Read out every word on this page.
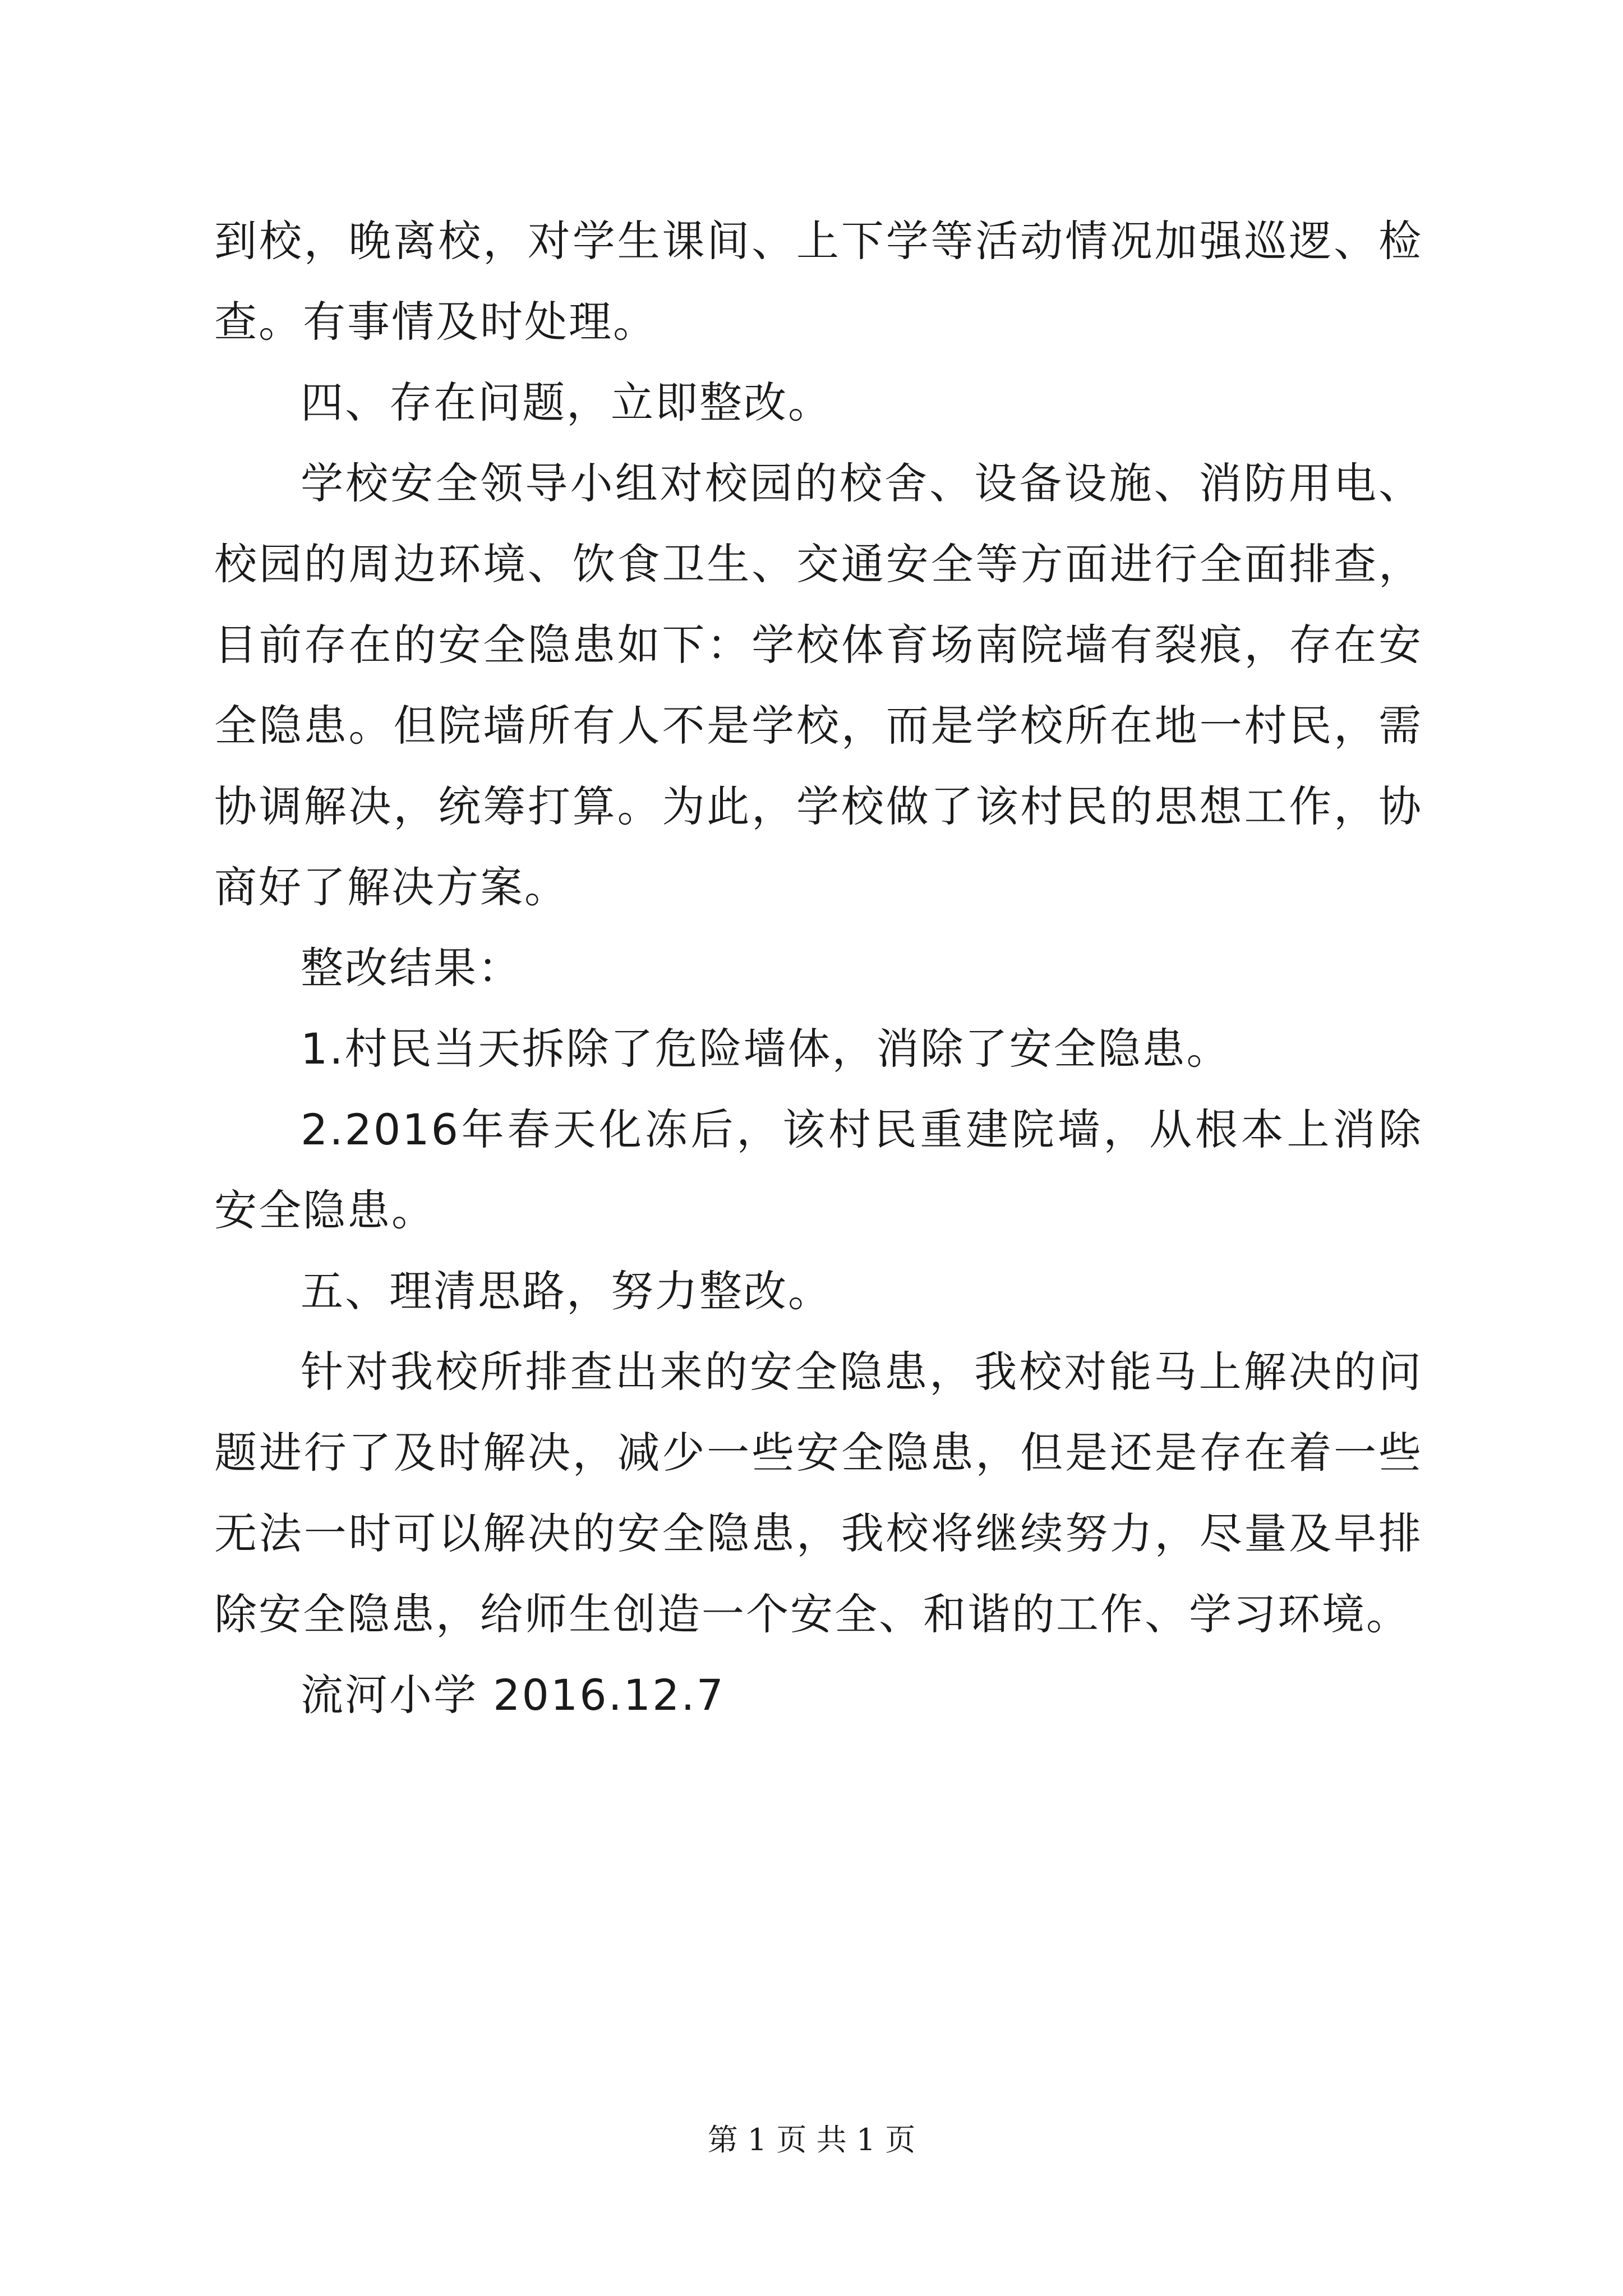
到校，晚离校，对学生课间、上下学等活动情况加强巡逻、检查。有事情及时处理。

四、存在问题，立即整改。

学校安全领导小组对校园的校舍、设备设施、消防用电、校园的周边环境、饮食卫生、交通安全等方面进行全面排查，目前存在的安全隐患如下：学校体育场南院墙有裂痕，存在安全隐患。但院墙所有人不是学校，而是学校所在地一村民，需协调解决，统筹打算。为此，学校做了该村民的思想工作，协商好了解决方案。

整改结果：

1.村民当天拆除了危险墙体，消除了安全隐患。

2.2016年春天化冻后，该村民重建院墙，从根本上消除安全隐患。

五、理清思路，努力整改。

针对我校所排查出来的安全隐患，我校对能马上解决的问题进行了及时解决，减少一些安全隐患，但是还是存在着一些无法一时可以解决的安全隐患，我校将继续努力，尽量及早排除安全隐患，给师生创造一个安全、和谐的工作、学习环境。

流河小学 2016.12.7

第 1 页 共 1 页
